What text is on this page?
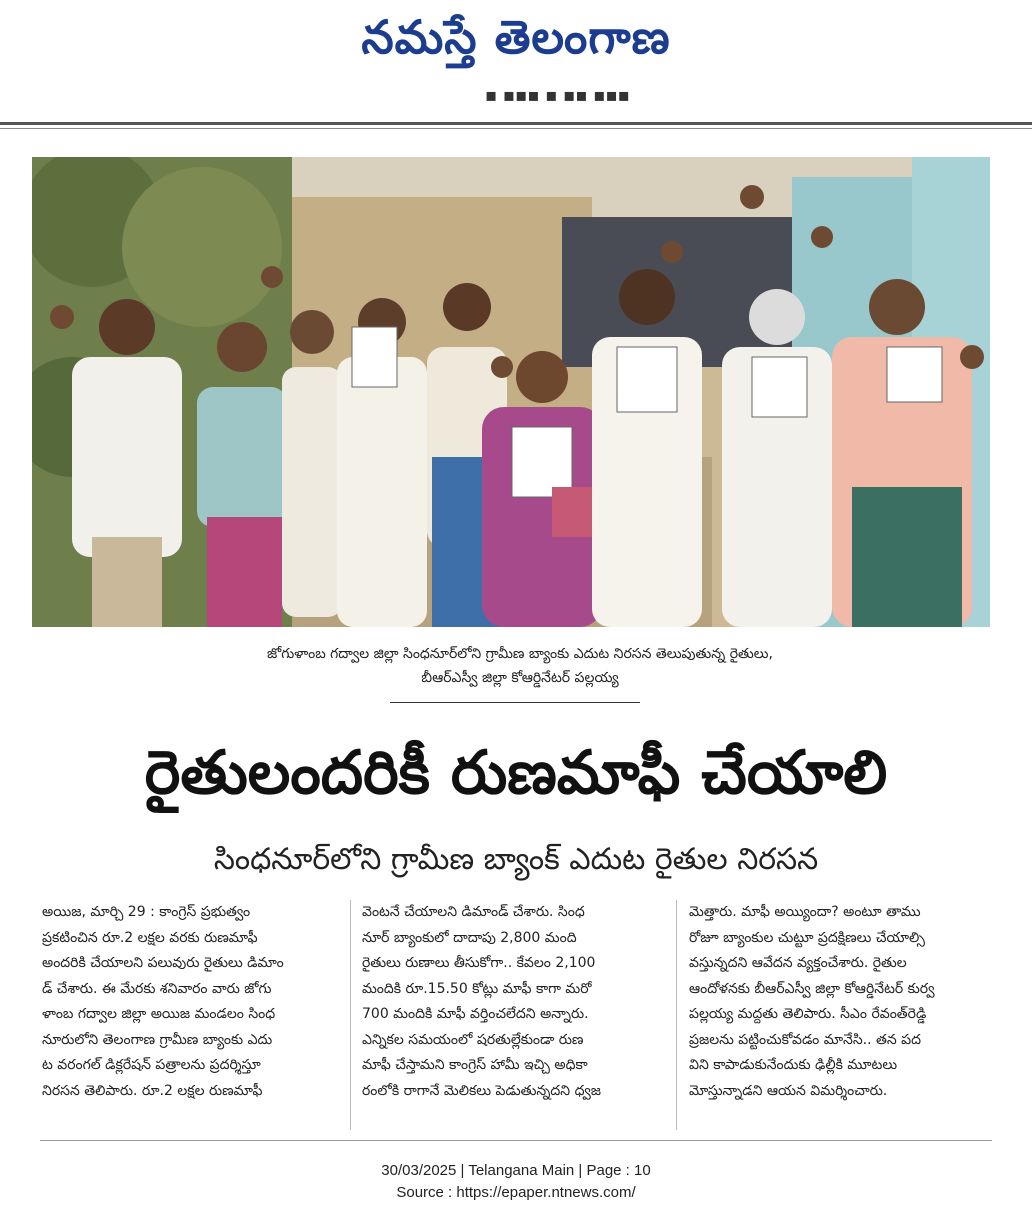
నమస్తే తెలంగాణ
▪ ▪▪▪ ▪ ▪▪ ▪▪▪
జోగుళాంబ గద్వాల జిల్లా సింధనూర్‌లోని గ్రామీణ బ్యాంకు ఎదుట నిరసన తెలుపుతున్న రైతులు,
బీఆర్‌ఎస్వీ జిల్లా కోఆర్డినేటర్ పల్లయ్య
రైతులందరికీ రుణమాఫీ చేయాలి
సింధనూర్‌లోని గ్రామీణ బ్యాంక్ ఎదుట రైతుల నిరసన
అయిజ, మార్చి 29 : కాంగ్రెస్ ప్రభుత్వం
ప్రకటించిన రూ.2 లక్షల వరకు రుణమాఫీ
అందరికి చేయాలని పలువురు రైతులు డిమాం
డ్ చేశారు. ఈ మేరకు శనివారం వారు జోగు
ళాంబ గద్వాల జిల్లా అయిజ మండలం సింధ
నూరులోని తెలంగాణ గ్రామీణ బ్యాంకు ఎదు
ట వరంగల్ డిక్లరేషన్ పత్రాలను ప్రదర్శిస్తూ
నిరసన తెలిపారు. రూ.2 లక్షల రుణమాఫీ
వెంటనే చేయాలని డిమాండ్ చేశారు. సింధ
నూర్ బ్యాంకులో దాదాపు 2,800 మంది
రైతులు రుణాలు తీసుకోగా.. కేవలం 2,100
మందికి రూ.15.50 కోట్లు మాఫీ కాగా మరో
700 మందికి మాఫీ వర్తించలేదని అన్నారు.
ఎన్నికల సమయంలో షరతుల్లేకుండా రుణ
మాఫీ చేస్తామని కాంగ్రెస్ హామీ ఇచ్చి అధికా
రంలోకి రాగానే మెలికలు పెడుతున్నదని ధ్వజ
మెత్తారు. మాఫీ అయ్యిందా? అంటూ తాము
రోజూ బ్యాంకుల చుట్టూ ప్రదక్షిణలు చేయాల్సి
వస్తున్నదని ఆవేదన వ్యక్తంచేశారు. రైతుల
ఆందోళనకు బీఆర్‌ఎస్వీ జిల్లా కోఆర్డినేటర్ కుర్వ
పల్లయ్య మద్దతు తెలిపారు. సీఎం రేవంత్‌రెడ్డి
ప్రజలను పట్టించుకోవడం మానేసి.. తన పద
విని కాపాడుకునేందుకు ఢిల్లీకి మూటలు
మోస్తున్నాడని ఆయన విమర్శించారు.
30/03/2025 | Telangana Main | Page : 10
Source : https://epaper.ntnews.com/
